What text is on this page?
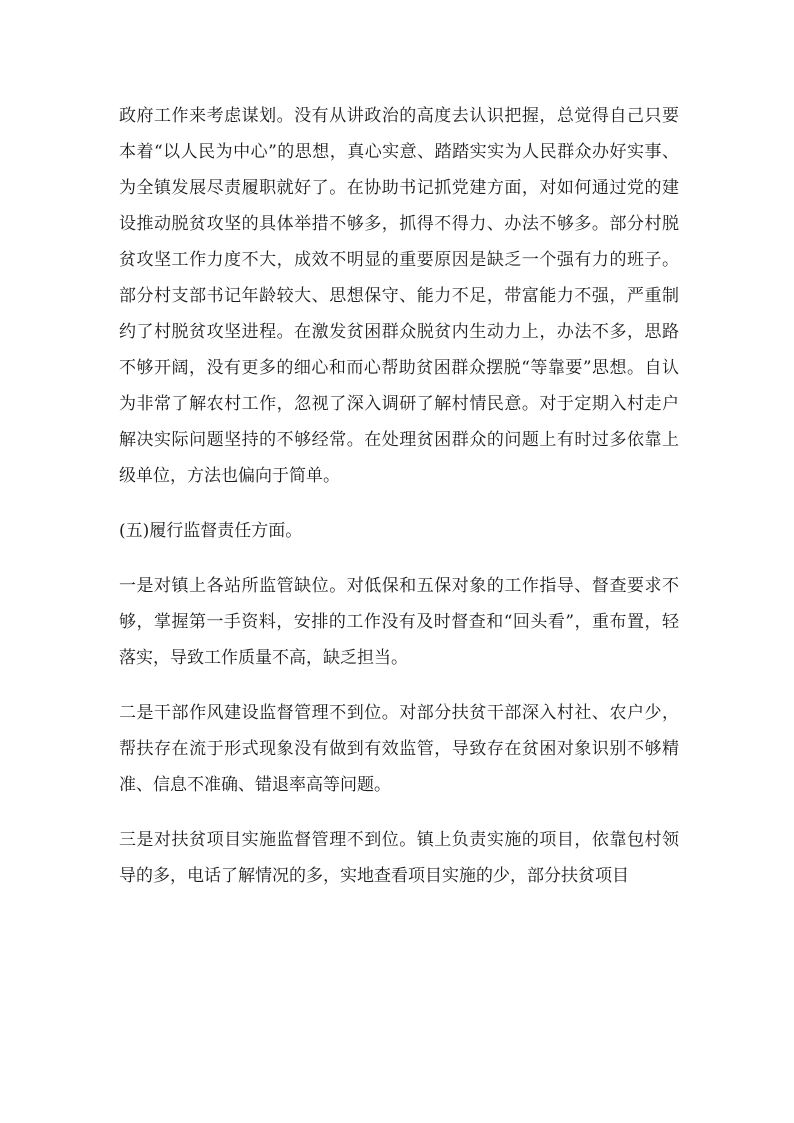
政府工作来考虑谋划。没有从讲政治的高度去认识把握，总觉得自己只要本着“以人民为中心”的思想，真心实意、踏踏实实为人民群众办好实事、为全镇发展尽责履职就好了。在协助书记抓党建方面，对如何通过党的建设推动脱贫攻坚的具体举措不够多，抓得不得力、办法不够多。部分村脱贫攻坚工作力度不大，成效不明显的重要原因是缺乏一个强有力的班子。部分村支部书记年龄较大、思想保守、能力不足，带富能力不强，严重制约了村脱贫攻坚进程。在激发贫困群众脱贫内生动力上，办法不多，思路不够开阔，没有更多的细心和而心帮助贫困群众摆脱“等靠要”思想。自认为非常了解农村工作，忽视了深入调研了解村情民意。对于定期入村走户解决实际问题坚持的不够经常。在处理贫困群众的问题上有时过多依靠上级单位，方法也偏向于简单。

(五)履行监督责任方面。

一是对镇上各站所监管缺位。对低保和五保对象的工作指导、督查要求不够，掌握第一手资料，安排的工作没有及时督查和“回头看”，重布置，轻落实，导致工作质量不高，缺乏担当。

二是干部作风建设监督管理不到位。对部分扶贫干部深入村社、农户少，帮扶存在流于形式现象没有做到有效监管，导致存在贫困对象识别不够精准、信息不准确、错退率高等问题。

三是对扶贫项目实施监督管理不到位。镇上负责实施的项目，依靠包村领导的多，电话了解情况的多，实地查看项目实施的少，部分扶贫项目
